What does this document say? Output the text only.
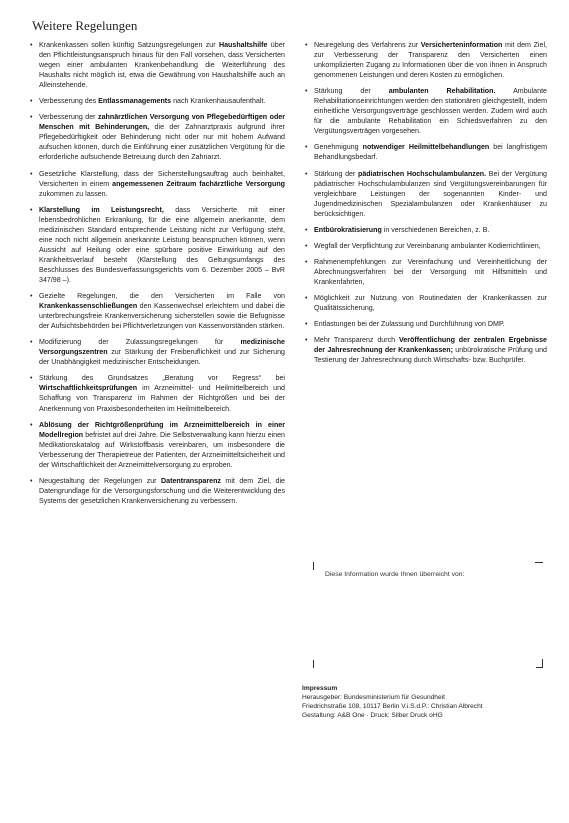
Weitere Regelungen
• Krankenkassen sollen künftig Satzungsregelungen zur Haushaltshilfe über den Pflichtleistungsanspruch hinaus für den Fall vorsehen, dass Versicherten wegen einer ambulanten Krankenbehandlung die Weiterführung des Haushalts nicht möglich ist, etwa die Gewährung von Haushaltshilfe auch an Alleinstehende.
• Verbesserung des Entlassmanagements nach Krankenhausaufenthalt.
• Verbesserung der zahnärztlichen Versorgung von Pflegebedürftigen oder Menschen mit Behinderungen, die der Zahnarztpraxis aufgrund ihrer Pflegebedürftigkeit oder Behinderung nicht oder nur mit hohem Aufwand aufsuchen können, durch die Einführung einer zusätzlichen Vergütung für die erforderliche aufsuchende Betreuung durch den Zahnarzt.
• Gesetzliche Klarstellung, dass der Sicherstellungsauftrag auch beinhaltet, Versicherten in einem angemessenen Zeitraum fachärztliche Versorgung zukommen zu lassen.
• Klarstellung im Leistungsrecht, dass Versicherte mit einer lebensbedrohlichen Erkrankung, für die eine allgemein anerkannte, dem medizinischen Standard entsprechende Leistung nicht zur Verfügung steht, eine noch nicht allgemein anerkannte Leistung beanspruchen können, wenn Aussicht auf Heilung oder eine spürbare positive Einwirkung auf den Krankheitsverlauf besteht (Klarstellung des Geltungsumfangs des Beschlusses des Bundesverfassungsgerichts vom 6. Dezember 2005 – BvR 347/98 –).
• Gezielte Regelungen, die den Versicherten im Falle von Krankenkassenschließungen den Kassenwechsel erleichtern und dabei die unterbrechungsfreie Krankenversicherung sicherstellen sowie die Befugnisse der Aufsichtsbehörden bei Pflichtverletzungen von Kassenvorständen stärken.
• Modifizierung der Zulassungsregelungen für medizinische Versorgungszentren zur Stärkung der Freiberuflichkeit und zur Sicherung der Unabhängigkeit medizinischer Entscheidungen.
• Stärkung des Grundsatzes „Beratung vor Regress“ bei Wirtschaftlichkeitsprüfungen im Arzneimittel- und Heilmittelbereich und Schaffung von Transparenz im Rahmen der Richtgrößen und bei der Anerkennung von Praxisbesonderheiten im Heilmittelbereich.
• Ablösung der Richtgrößenprüfung im Arzneimittelbereich in einer Modellregion befristet auf drei Jahre. Die Selbstverwaltung kann hierzu einen Medikationskatalog auf Wirkstoffbasis vereinbaren, um insbesondere die Verbesserung der Therapietreue der Patienten, der Arzneimitteltsicherheit und der Wirtschaftlichkeit der Arzneimittelversorgung zu erproben.
• Neugestaltung der Regelungen zur Datentransparenz mit dem Ziel, die Datengrundlage für die Versorgungsforschung und die Weiterentwicklung des Systems der gesetzlichen Krankenversicherung zu verbessern.
• Neuregelung des Verfahrens zur Versicherteninformation mit dem Ziel, zur Verbesserung der Transparenz den Versicherten einen unkomplizierten Zugang zu Informationen über die von ihnen in Anspruch genommenen Leistungen und deren Kosten zu ermöglichen.
• Stärkung der ambulanten Rehabilitation. Ambulante Rehabilitationseinrichtungen werden den stationären gleichgestellt, indem einheitliche Versorgungsverträge geschlossen werden. Zudem wird auch für die ambulante Rehabilitation ein Schiedsverfahren zu den Vergütungsverträgen vorgesehen.
• Genehmigung notwendiger Heilmittelbehandlungen bei langfristigem Behandlungsbedarf.
• Stärkung der pädiatrischen Hochschulambulanzen. Bei der Vergütung pädiatrischer Hochschulambulanzen sind Vergütungsvereinbarungen für vergleichbare Leistungen der sogenannten Kinder- und Jugendmedizinischen Spezialambulanzen oder Krankenhäuser zu berücksichtigen.
• Entbürokratisierung in verschiedenen Bereichen, z. B.
• Wegfall der Verpflichtung zur Vereinbarung ambulanter Kodierrichtlinien,
• Rahmenempfehlungen zur Vereinfachung und Vereinheitlichung der Abrechnungsverfahren bei der Versorgung mit Hilfsmitteln und Krankenfahrten,
• Möglichkeit zur Nutzung von Routinedaten der Krankenkassen zur Qualitätssicherung,
• Entlastungen bei der Zulassung und Durchführung von DMP.
• Mehr Transparenz durch Veröffentlichung der zentralen Ergebnisse der Jahresrechnung der Krankenkassen; unbürokratische Prüfung und Testierung der Jahresrechnung durch Wirtschafts- bzw. Buchprüfer.
Diese Information wurde Ihnen überreicht von:
Impressum
Herausgeber: Bundesministerium für Gesundheit
Friedrichstraße 108, 10117 Berlin V.i.S.d.P.: Christian Albrecht
Gestaltung: A&B One · Druck: Silber Druck oHG
